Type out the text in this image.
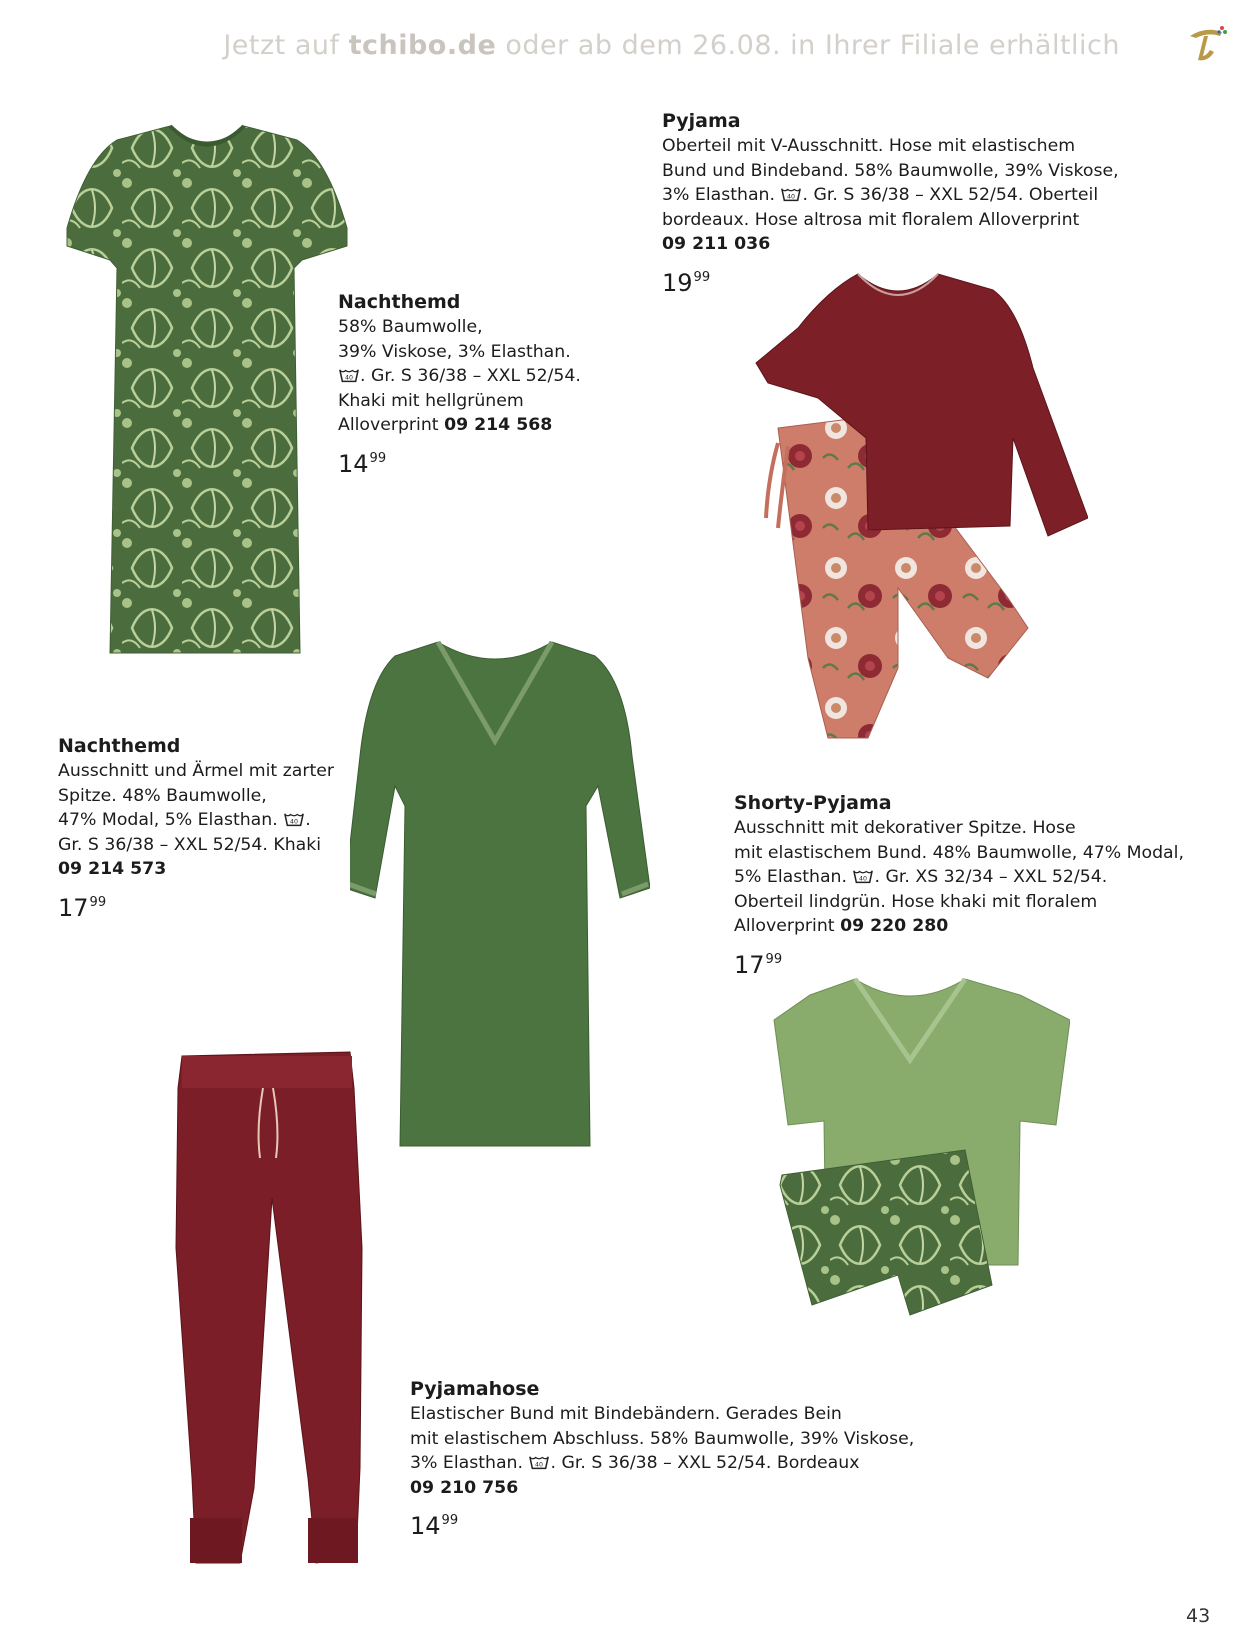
Jetzt auf tchibo.de oder ab dem 26.08. in Ihrer Filiale erhältlich
Nachthemd
58% Baumwolle,
39% Viskose, 3% Elasthan.
. Gr. S 36/38 – XXL 52/54.
Khaki mit hellgrünem
Alloverprint 09 214 568
$14^{99}$
Pyjama
Oberteil mit V-Ausschnitt. Hose mit elastischem
Bund und Bindeband. 58% Baumwolle, 39% Viskose,
3% Elasthan. . Gr. S 36/38 – XXL 52/54. Oberteil
bordeaux. Hose altrosa mit floralem Alloverprint
09 211 036
$19^{99}$
Nachthemd
Ausschnitt und Ärmel mit zarter
Spitze. 48% Baumwolle,
47% Modal, 5% Elasthan. .
Gr. S 36/38 – XXL 52/54. Khaki
09 214 573
$17^{99}$
Shorty-Pyjama
Ausschnitt mit dekorativer Spitze. Hose
mit elastischem Bund. 48% Baumwolle, 47% Modal,
5% Elasthan. . Gr. XS 32/34 – XXL 52/54.
Oberteil lindgrün. Hose khaki mit floralem
Alloverprint 09 220 280
$17^{99}$
Pyjamahose
Elastischer Bund mit Bindebändern. Gerades Bein
mit elastischem Abschluss. 58% Baumwolle, 39% Viskose,
3% Elasthan. . Gr. S 36/38 – XXL 52/54. Bordeaux
09 210 756
$14^{99}$
43
